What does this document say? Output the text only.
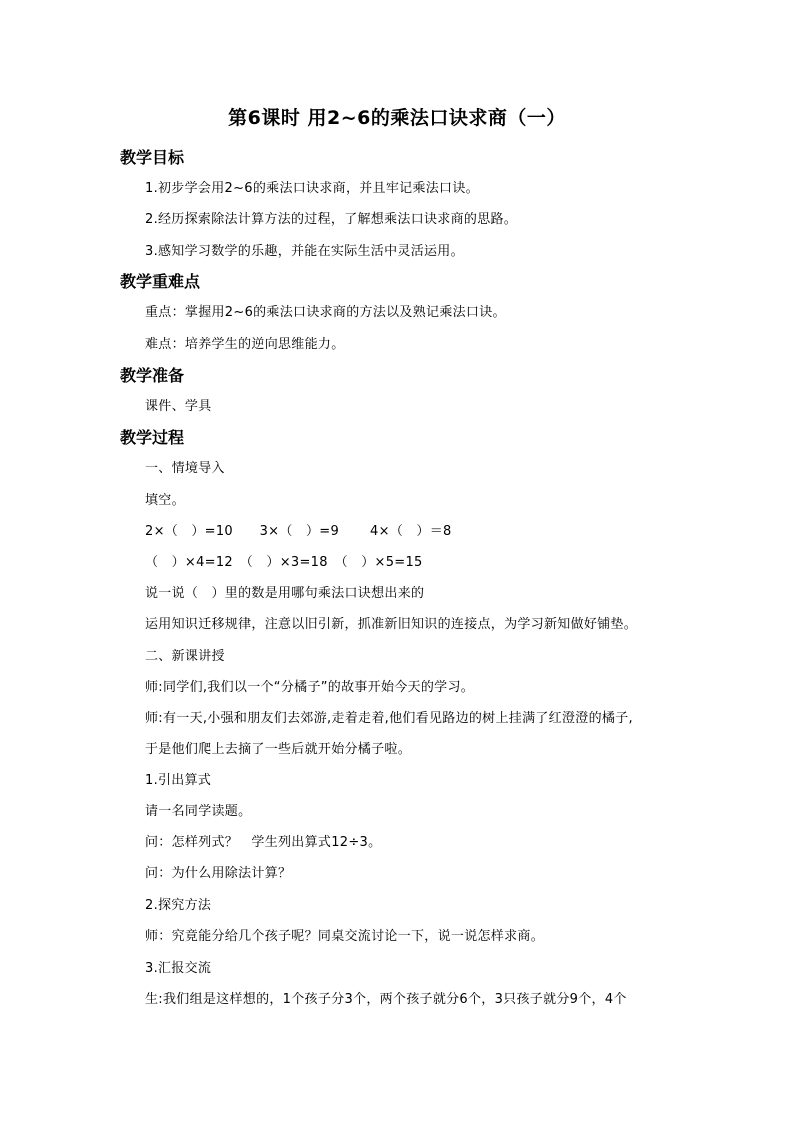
第6课时 用2~6的乘法口诀求商（一）
教学目标
1.初步学会用2~6的乘法口诀求商，并且牢记乘法口诀。
2.经历探索除法计算方法的过程，了解想乘法口诀求商的思路。
3.感知学习数学的乐趣，并能在实际生活中灵活运用。
教学重难点
重点：掌握用2~6的乘法口诀求商的方法以及熟记乘法口诀。
难点：培养学生的逆向思维能力。
教学准备
课件、学具
教学过程
一、情境导入
填空。
2×（　）=10　　3×（　）=9　　 4×（　）＝8
（　）×4=12　（　）×3=18　（　）×5=15
说一说（　）里的数是用哪句乘法口诀想出来的
运用知识迁移规律，注意以旧引新，抓准新旧知识的连接点，为学习新知做好铺垫。
二、新课讲授
师:同学们,我们以一个“分橘子”的故事开始今天的学习。
师:有一天,小强和朋友们去郊游,走着走着,他们看见路边的树上挂满了红澄澄的橘子,
于是他们爬上去摘了一些后就开始分橘子啦。
1.引出算式
请一名同学读题。
问：怎样列式？　学生列出算式12÷3。
问：为什么用除法计算？
2.探究方法
师：究竟能分给几个孩子呢？同桌交流讨论一下，说一说怎样求商。
3.汇报交流
生:我们组是这样想的，1个孩子分3个，两个孩子就分6个，3只孩子就分9个，4个
